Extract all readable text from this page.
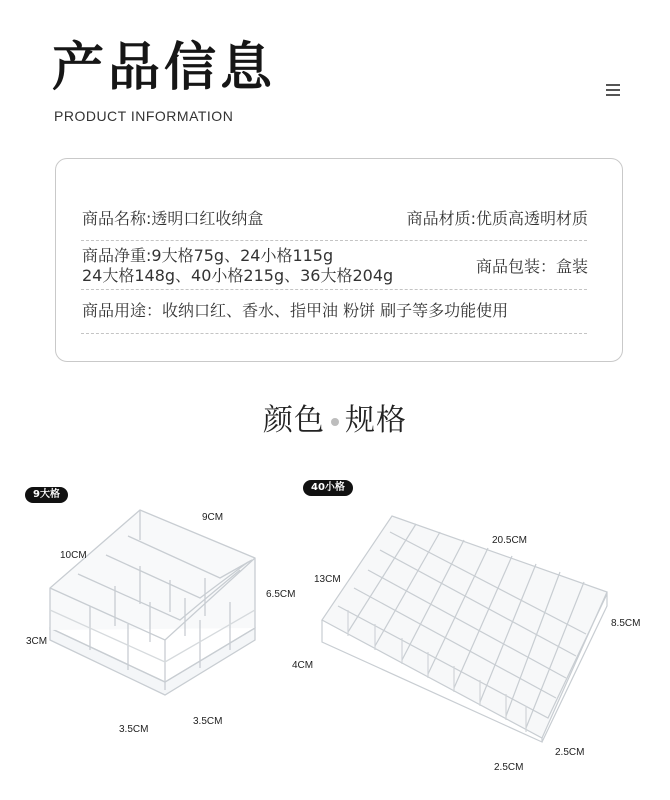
产品信息
PRODUCT INFORMATION
商品名称:透明口红收纳盒	商品材质:优质高透明材质
商品净重:9大格75g、24小格115g
24大格148g、40小格215g、36大格204g	商品包装：盒装
商品用途：收纳口红、香水、指甲油 粉饼 刷子等多功能使用
颜色 规格
9大格
40小格
9CM
10CM
6.5CM
3CM
3.5CM
3.5CM
20.5CM
13CM
8.5CM
4CM
2.5CM
2.5CM
